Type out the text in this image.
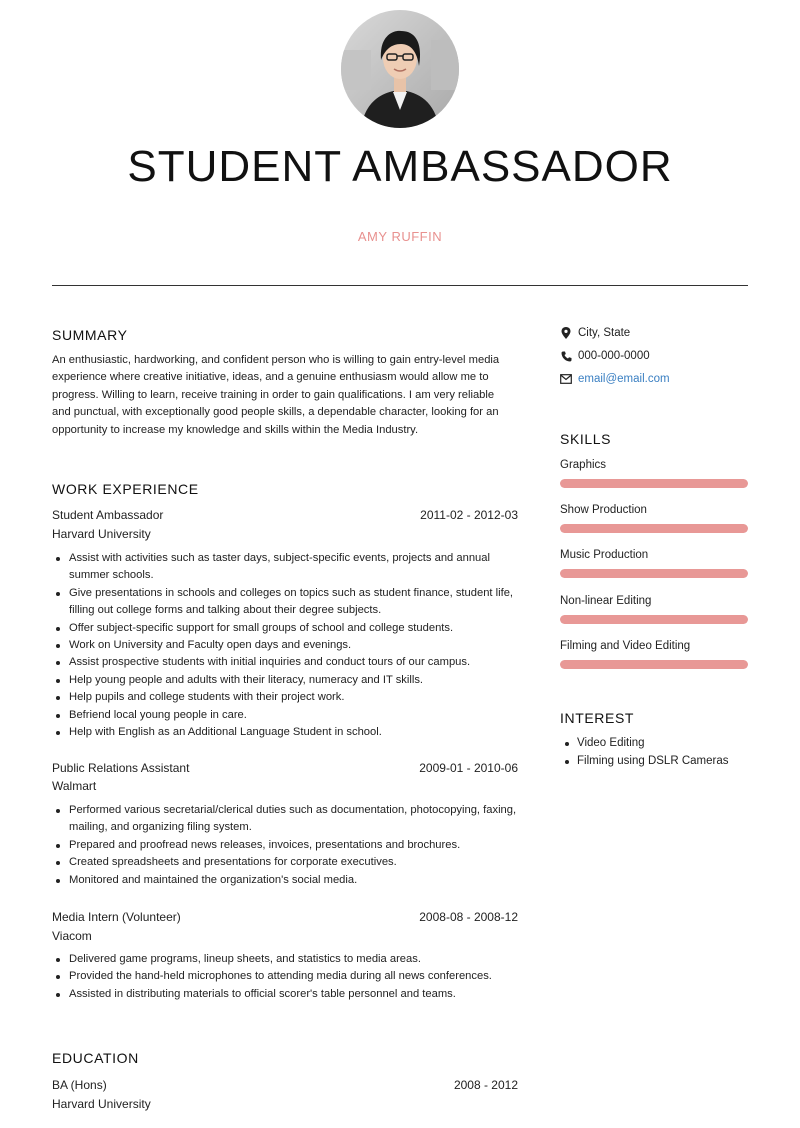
STUDENT AMBASSADOR
AMY RUFFIN
SUMMARY
An enthusiastic, hardworking, and confident person who is willing to gain entry-level media experience where creative initiative, ideas, and a genuine enthusiasm would allow me to progress. Willing to learn, receive training in order to gain qualifications. I am very reliable and punctual, with exceptionally good people skills, a dependable character, looking for an opportunity to increase my knowledge and skills within the Media Industry.
WORK EXPERIENCE
Student Ambassador	2011-02 - 2012-03
Harvard University
Assist with activities such as taster days, subject-specific events, projects and annual summer schools.
Give presentations in schools and colleges on topics such as student finance, student life, filling out college forms and talking about their degree subjects.
Offer subject-specific support for small groups of school and college students.
Work on University and Faculty open days and evenings.
Assist prospective students with initial inquiries and conduct tours of our campus.
Help young people and adults with their literacy, numeracy and IT skills.
Help pupils and college students with their project work.
Befriend local young people in care.
Help with English as an Additional Language Student in school.
Public Relations Assistant	2009-01 - 2010-06
Walmart
Performed various secretarial/clerical duties such as documentation, photocopying, faxing, mailing, and organizing filing system.
Prepared and proofread news releases, invoices, presentations and brochures.
Created spreadsheets and presentations for corporate executives.
Monitored and maintained the organization's social media.
Media Intern (Volunteer)	2008-08 - 2008-12
Viacom
Delivered game programs, lineup sheets, and statistics to media areas.
Provided the hand-held microphones to attending media during all news conferences.
Assisted in distributing materials to official scorer's table personnel and teams.
EDUCATION
BA (Hons)	2008 - 2012
Harvard University
City, State
000-000-0000
email@email.com
SKILLS
Graphics
Show Production
Music Production
Non-linear Editing
Filming and Video Editing
INTEREST
Video Editing
Filming using DSLR Cameras
